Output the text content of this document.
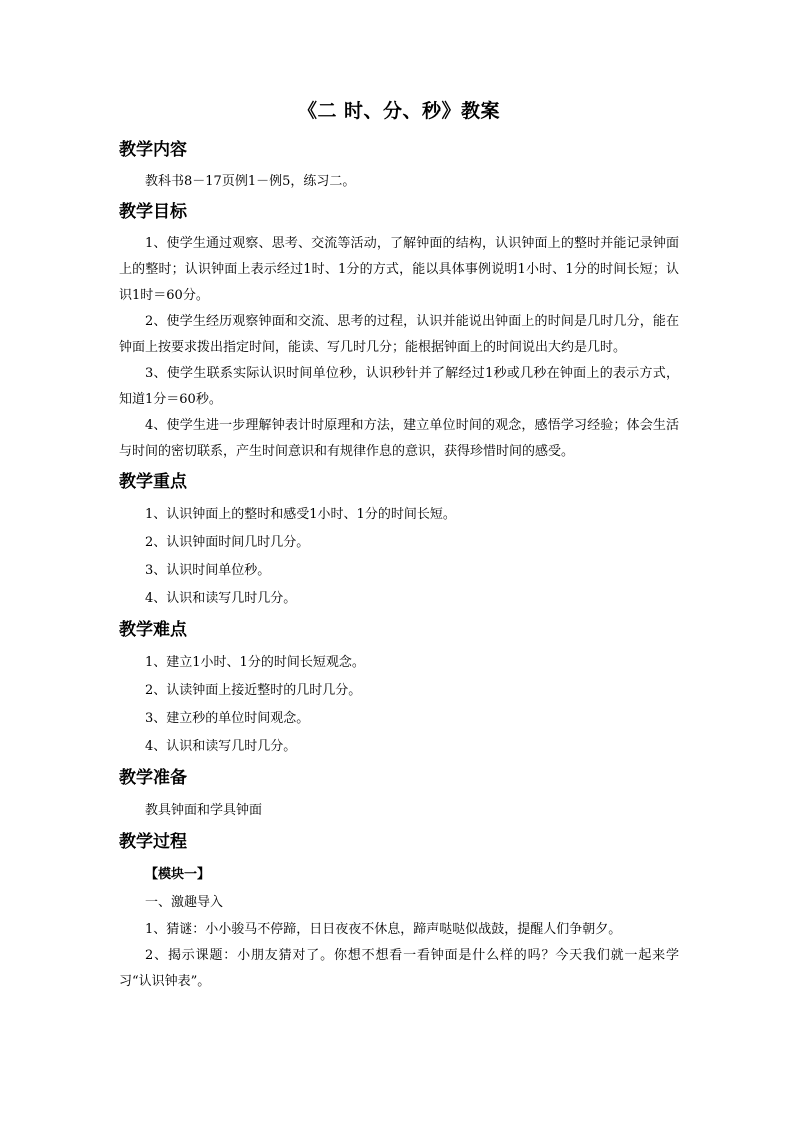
《二 时、分、秒》教案
教学内容

教科书8－17页例1－例5，练习二。

教学目标

1、使学生通过观察、思考、交流等活动，了解钟面的结构，认识钟面上的整时并能记录钟面上的整时；认识钟面上表示经过1时、1分的方式，能以具体事例说明1小时、1分的时间长短；认识1时＝60分。

2、使学生经历观察钟面和交流、思考的过程，认识并能说出钟面上的时间是几时几分，能在钟面上按要求拨出指定时间，能读、写几时几分；能根据钟面上的时间说出大约是几时。

3、使学生联系实际认识时间单位秒，认识秒针并了解经过1秒或几秒在钟面上的表示方式，知道1分＝60秒。

4、使学生进一步理解钟表计时原理和方法，建立单位时间的观念，感悟学习经验；体会生活与时间的密切联系，产生时间意识和有规律作息的意识，获得珍惜时间的感受。

教学重点

1、认识钟面上的整时和感受1小时、1分的时间长短。

2、认识钟面时间几时几分。

3、认识时间单位秒。

4、认识和读写几时几分。

教学难点

1、建立1小时、1分的时间长短观念。

2、认读钟面上接近整时的几时几分。

3、建立秒的单位时间观念。

4、认识和读写几时几分。

教学准备

教具钟面和学具钟面

教学过程

【模块一】

一、激趣导入

1、猜谜：小小骏马不停蹄，日日夜夜不休息，蹄声哒哒似战鼓，提醒人们争朝夕。

2、揭示课题：小朋友猜对了。你想不想看一看钟面是什么样的吗？今天我们就一起来学习“认识钟表”。
